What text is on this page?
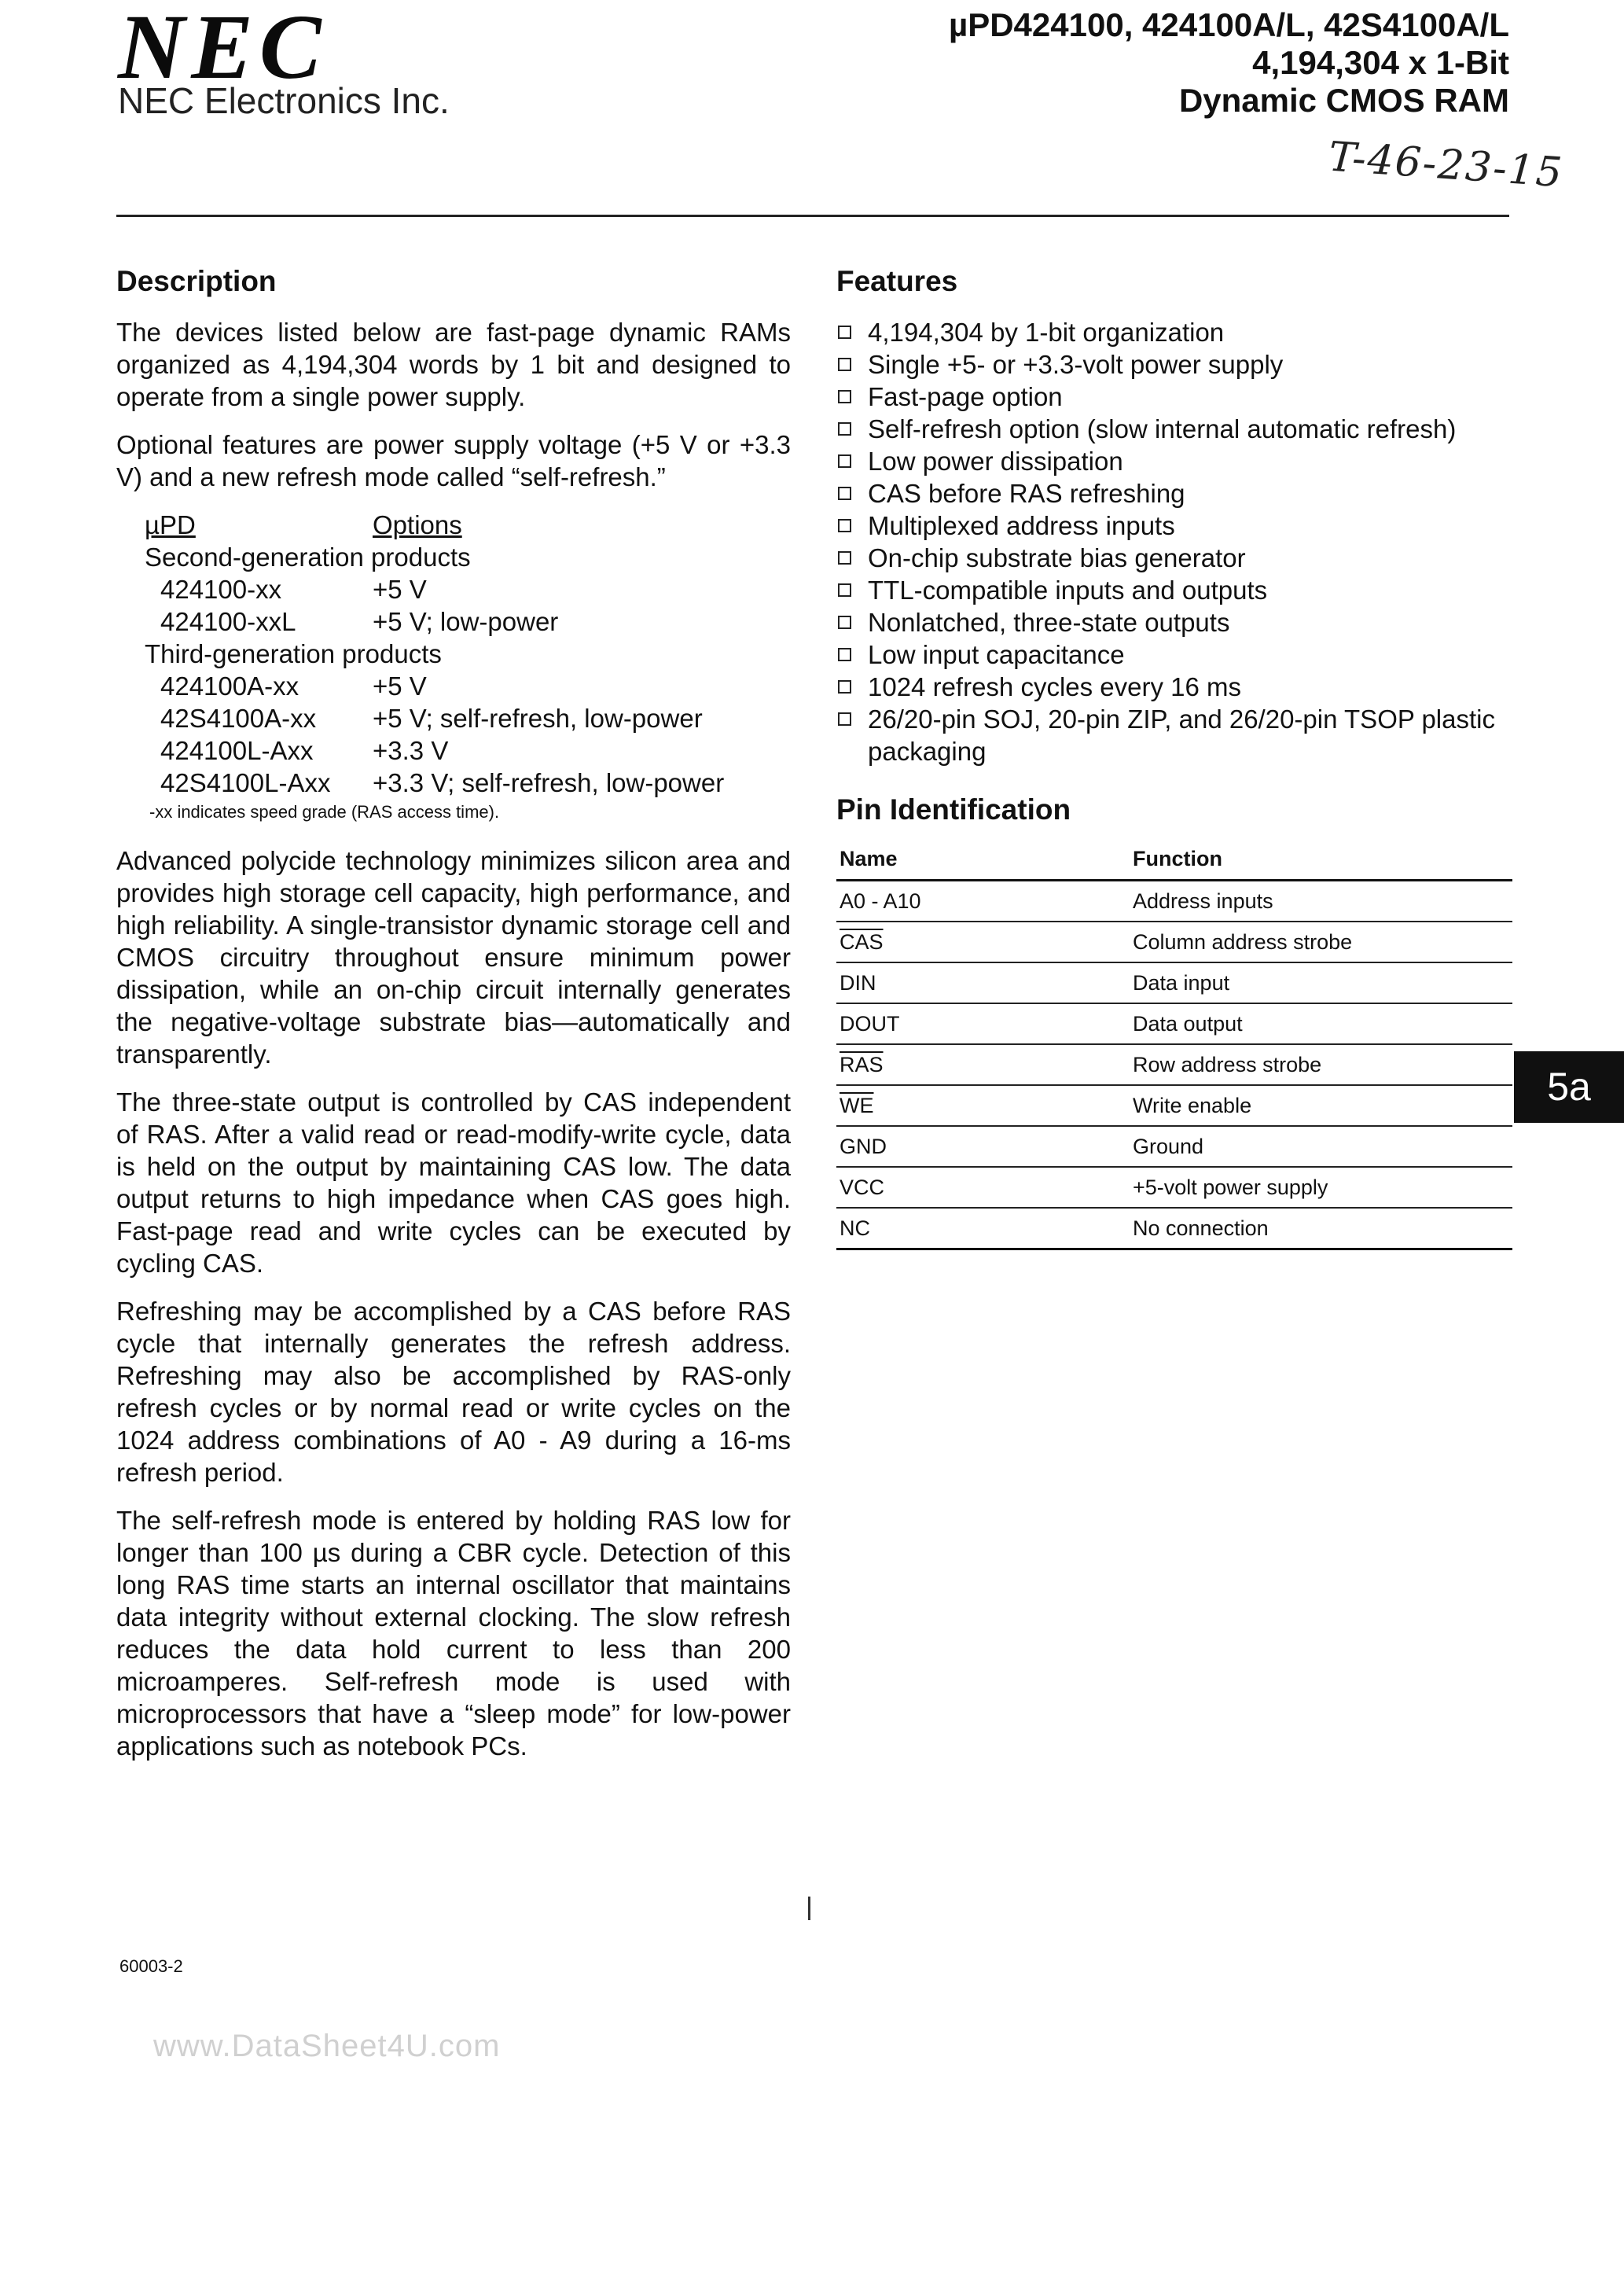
NEC
NEC Electronics Inc.
µPD424100, 424100A/L, 42S4100A/L
4,194,304 x 1-Bit
Dynamic CMOS RAM
T-46-23-15
Description

The devices listed below are fast-page dynamic RAMs organized as 4,194,304 words by 1 bit and designed to operate from a single power supply.

Optional features are power supply voltage (+5 V or +3.3 V) and a new refresh mode called “self-refresh.”

µPD	Options
Second-generation products
424100-xx	+5 V
424100-xxL	+5 V; low-power
Third-generation products
424100A-xx	+5 V
42S4100A-xx	+5 V; self-refresh, low-power
424100L-Axx	+3.3 V
42S4100L-Axx	+3.3 V; self-refresh, low-power
-xx indicates speed grade (RAS access time).

Advanced polycide technology minimizes silicon area and provides high storage cell capacity, high performance, and high reliability. A single-transistor dynamic storage cell and CMOS circuitry throughout ensure minimum power dissipation, while an on-chip circuit internally generates the negative-voltage substrate bias—automatically and transparently.

The three-state output is controlled by CAS independent of RAS. After a valid read or read-modify-write cycle, data is held on the output by maintaining CAS low. The data output returns to high impedance when CAS goes high. Fast-page read and write cycles can be executed by cycling CAS.

Refreshing may be accomplished by a CAS before RAS cycle that internally generates the refresh address. Refreshing may also be accomplished by RAS-only refresh cycles or by normal read or write cycles on the 1024 address combinations of A0 - A9 during a 16-ms refresh period.

The self-refresh mode is entered by holding RAS low for longer than 100 µs during a CBR cycle. Detection of this long RAS time starts an internal oscillator that maintains data integrity without external clocking. The slow refresh reduces the data hold current to less than 200 microamperes. Self-refresh mode is used with microprocessors that have a “sleep mode” for low-power applications such as notebook PCs.

Features
4,194,304 by 1-bit organization
Single +5- or +3.3-volt power supply
Fast-page option
Self-refresh option (slow internal automatic refresh)
Low power dissipation
CAS before RAS refreshing
Multiplexed address inputs
On-chip substrate bias generator
TTL-compatible inputs and outputs
Nonlatched, three-state outputs
Low input capacitance
1024 refresh cycles every 16 ms
26/20-pin SOJ, 20-pin ZIP, and 26/20-pin TSOP plastic packaging
Pin Identification
Name	Function
A0 - A10	Address inputs
$\overline{CAS}$	Column address strobe
DIN	Data input
DOUT	Data output
$\overline{RAS}$	Row address strobe
$\overline{WE}$	Write enable
GND	Ground
VCC	+5-volt power supply
NC	No connection
5a
60003-2
www.DataSheet4U.com
